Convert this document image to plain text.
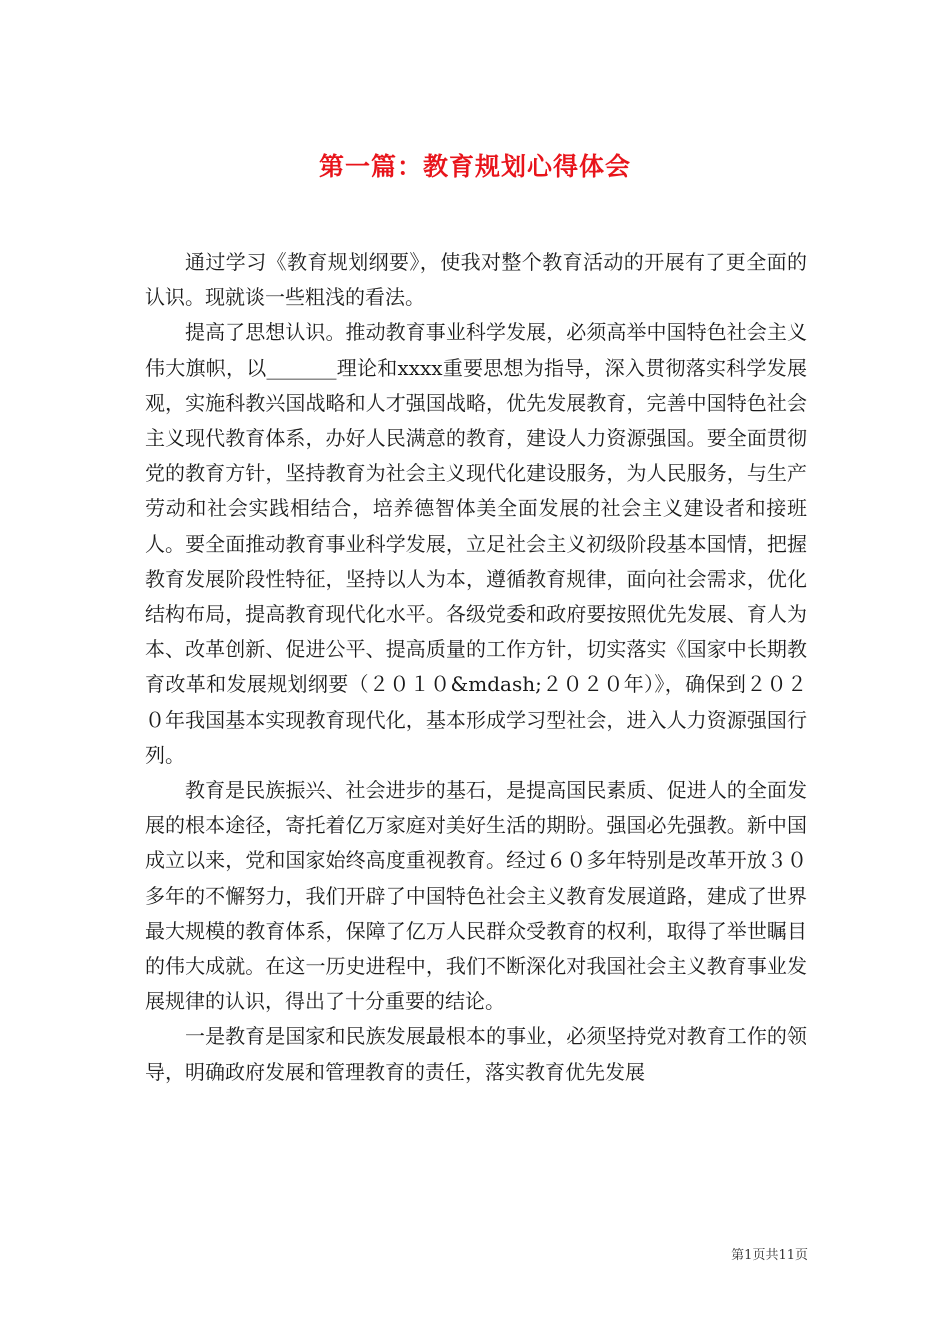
第一篇：教育规划心得体会

通过学习《教育规划纲要》，使我对整个教育活动的开展有了更全面的认识。现就谈一些粗浅的看法。

提高了思想认识。推动教育事业科学发展，必须高举中国特色社会主义伟大旗帜，以_______理论和xxxx重要思想为指导，深入贯彻落实科学发展观，实施科教兴国战略和人才强国战略，优先发展教育，完善中国特色社会主义现代教育体系，办好人民满意的教育，建设人力资源强国。要全面贯彻党的教育方针，坚持教育为社会主义现代化建设服务，为人民服务，与生产劳动和社会实践相结合，培养德智体美全面发展的社会主义建设者和接班人。要全面推动教育事业科学发展，立足社会主义初级阶段基本国情，把握教育发展阶段性特征，坚持以人为本，遵循教育规律，面向社会需求，优化结构布局，提高教育现代化水平。各级党委和政府要按照优先发展、育人为本、改革创新、促进公平、提高质量的工作方针，切实落实《国家中长期教育改革和发展规划纲要（２０１０&mdash;２０２０年）》，确保到２０２０年我国基本实现教育现代化，基本形成学习型社会，进入人力资源强国行列。

教育是民族振兴、社会进步的基石，是提高国民素质、促进人的全面发展的根本途径，寄托着亿万家庭对美好生活的期盼。强国必先强教。新中国成立以来，党和国家始终高度重视教育。经过６０多年特别是改革开放３０多年的不懈努力，我们开辟了中国特色社会主义教育发展道路，建成了世界最大规模的教育体系，保障了亿万人民群众受教育的权利，取得了举世瞩目的伟大成就。在这一历史进程中，我们不断深化对我国社会主义教育事业发展规律的认识，得出了十分重要的结论。

一是教育是国家和民族发展最根本的事业，必须坚持党对教育工作的领导，明确政府发展和管理教育的责任，落实教育优先发展

第1页共11页
